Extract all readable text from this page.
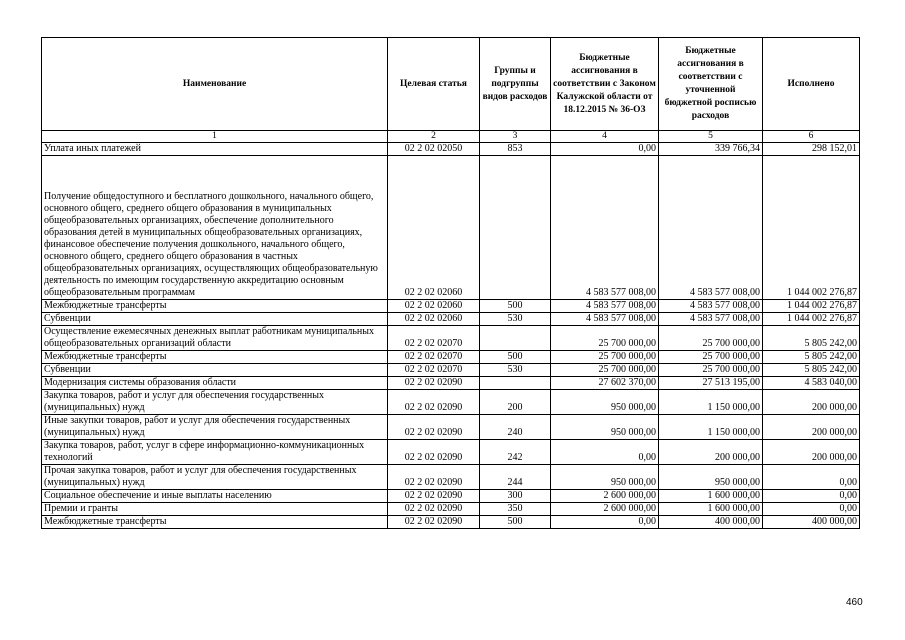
Наименование	Целевая статья	Группы и подгруппы видов расходов	Бюджетные ассигнования в соответствии с Законом Калужской области от 18.12.2015 № 36-ОЗ	Бюджетные ассигнования в соответствии с уточненной бюджетной росписью расходов	Исполнено
1	2	3	4	5	6
Уплата иных платежей	02 2 02 02050	853	0,00	339 766,34	298 152,01
Получение общедоступного и бесплатного дошкольного, начального общего, основного общего, среднего общего образования в муниципальных общеобразовательных организациях, обеспечение дополнительного образования детей в муниципальных общеобразовательных организациях, финансовое обеспечение получения дошкольного, начального общего, основного общего, среднего общего образования в частных общеобразовательных организациях, осуществляющих общеобразовательную деятельность по имеющим государственную аккредитацию основным общеобразовательным программам	02 2 02 02060		4 583 577 008,00	4 583 577 008,00	1 044 002 276,87
Межбюджетные трансферты	02 2 02 02060	500	4 583 577 008,00	4 583 577 008,00	1 044 002 276,87
Субвенции	02 2 02 02060	530	4 583 577 008,00	4 583 577 008,00	1 044 002 276,87
Осуществление ежемесячных денежных выплат работникам муниципальных общеобразовательных организаций области	02 2 02 02070		25 700 000,00	25 700 000,00	5 805 242,00
Межбюджетные трансферты	02 2 02 02070	500	25 700 000,00	25 700 000,00	5 805 242,00
Субвенции	02 2 02 02070	530	25 700 000,00	25 700 000,00	5 805 242,00
Модернизация системы образования области	02 2 02 02090		27 602 370,00	27 513 195,00	4 583 040,00
Закупка товаров, работ и услуг для обеспечения государственных (муниципальных) нужд	02 2 02 02090	200	950 000,00	1 150 000,00	200 000,00
Иные закупки товаров, работ и услуг для обеспечения государственных (муниципальных) нужд	02 2 02 02090	240	950 000,00	1 150 000,00	200 000,00
Закупка товаров, работ, услуг в сфере информационно-коммуникационных технологий	02 2 02 02090	242	0,00	200 000,00	200 000,00
Прочая закупка товаров, работ и услуг для обеспечения государственных (муниципальных) нужд	02 2 02 02090	244	950 000,00	950 000,00	0,00
Социальное обеспечение и иные выплаты населению	02 2 02 02090	300	2 600 000,00	1 600 000,00	0,00
Премии и гранты	02 2 02 02090	350	2 600 000,00	1 600 000,00	0,00
Межбюджетные трансферты	02 2 02 02090	500	0,00	400 000,00	400 000,00
460
